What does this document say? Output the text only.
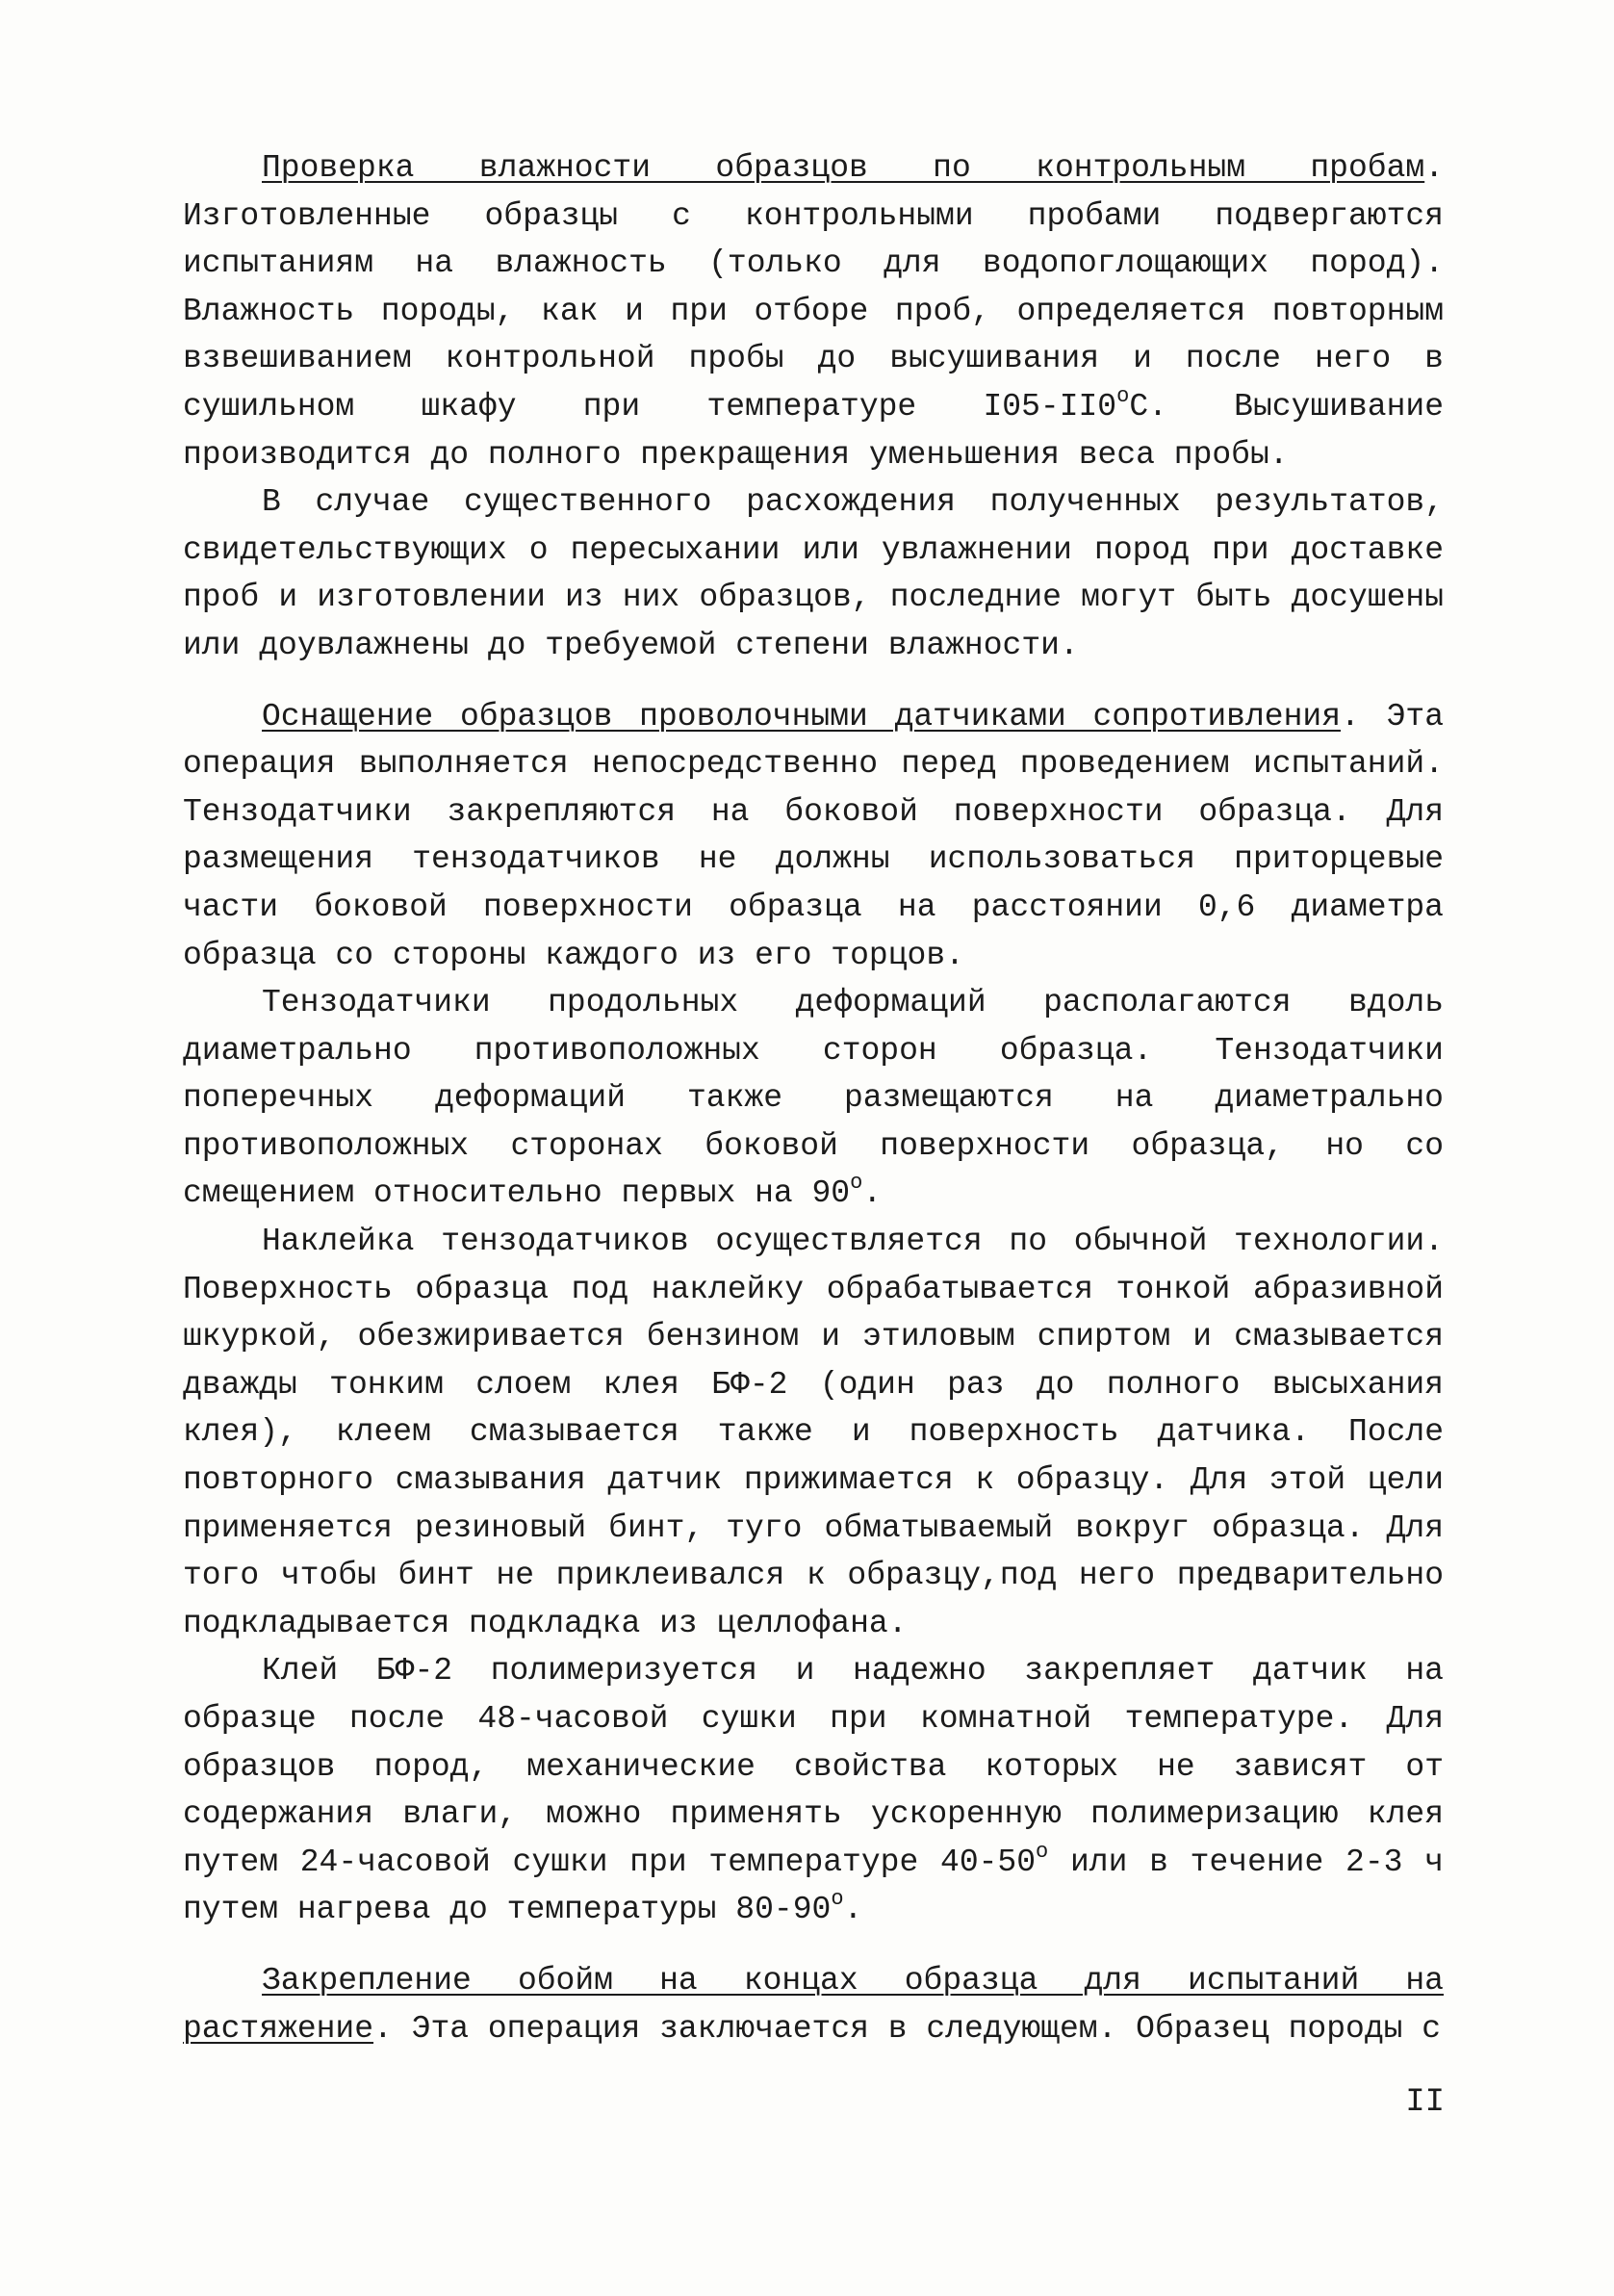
Проверка влажности образцов по контрольным пробам. Изготовленные образцы с контрольными пробами подвергаются испытаниям на влажность (только для водопоглощающих пород). Влажность породы, как и при отборе проб, определяется повторным взвешиванием контрольной пробы до высушивания и после него в сушильном шкафу при температуре I05-II0$^o$С. Высушивание производится до полного прекращения уменьшения веса пробы.

В случае существенного расхождения полученных результатов, свидетельствующих о пересыхании или увлажнении пород при доставке проб и изготовлении из них образцов, последние могут быть досушены или доувлажнены до требуемой степени влажности.

Оснащение образцов проволочными датчиками сопротивления. Эта операция выполняется непосредственно перед проведением испытаний. Тензодатчики закрепляются на боковой поверхности образца. Для размещения тензодатчиков не должны использоваться приторцевые части боковой поверхности образца на расстоянии 0,6 диаметра образца со стороны каждого из его торцов.

Тензодатчики продольных деформаций располагаются вдоль диаметрально противоположных сторон образца. Тензодатчики поперечных деформаций также размещаются на диаметрально противоположных сторонах боковой поверхности образца, но со смещением относительно первых на 90$^o$.

Наклейка тензодатчиков осуществляется по обычной технологии. Поверхность образца под наклейку обрабатывается тонкой абразивной шкуркой, обезжиривается бензином и этиловым спиртом и смазывается дважды тонким слоем клея БФ-2 (один раз до полного высыхания клея), клеем смазывается также и поверхность датчика. После повторного смазывания датчик прижимается к образцу. Для этой цели применяется резиновый бинт, туго обматываемый вокруг образца. Для того чтобы бинт не приклеивался к образцу,под него предварительно подкладывается подкладка из целлофана.

Клей БФ-2 полимеризуется и надежно закрепляет датчик на образце после 48-часовой сушки при комнатной температуре. Для образцов пород, механические свойства которых не зависят от содержания влаги, можно применять ускоренную полимеризацию клея путем 24-часовой сушки при температуре 40-50$^o$ или в течение 2-3 ч путем нагрева до температуры 80-90$^o$.

Закрепление обойм на концах образца для испытаний на растяжение. Эта операция заключается в следующем. Образец породы с

II
